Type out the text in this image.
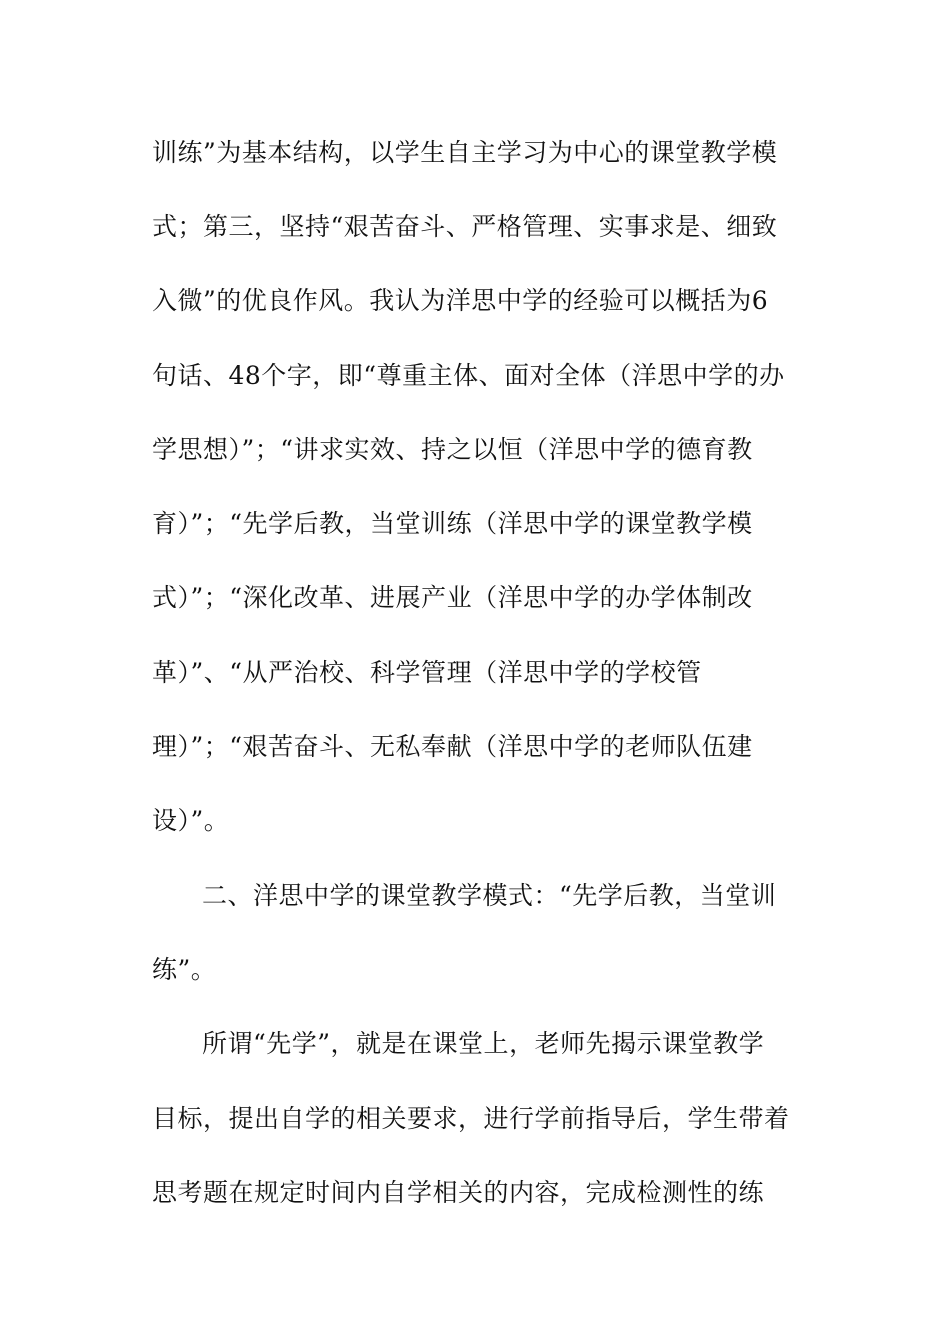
训练”为基本结构，以学生自主学习为中心的课堂教学模
式；第三，坚持“艰苦奋斗、严格管理、实事求是、细致
入微”的优良作风。我认为洋思中学的经验可以概括为6
句话、48个字，即“尊重主体、面对全体（洋思中学的办
学思想）”；“讲求实效、持之以恒（洋思中学的德育教
育）”；“先学后教，当堂训练（洋思中学的课堂教学模
式）”；“深化改革、进展产业（洋思中学的办学体制改
革）”、“从严治校、科学管理（洋思中学的学校管
理）”；“艰苦奋斗、无私奉献（洋思中学的老师队伍建
设）”。
二、洋思中学的课堂教学模式：“先学后教，当堂训
练”。
所谓“先学”，就是在课堂上，老师先揭示课堂教学
目标，提出自学的相关要求，进行学前指导后，学生带着
思考题在规定时间内自学相关的内容，完成检测性的练
